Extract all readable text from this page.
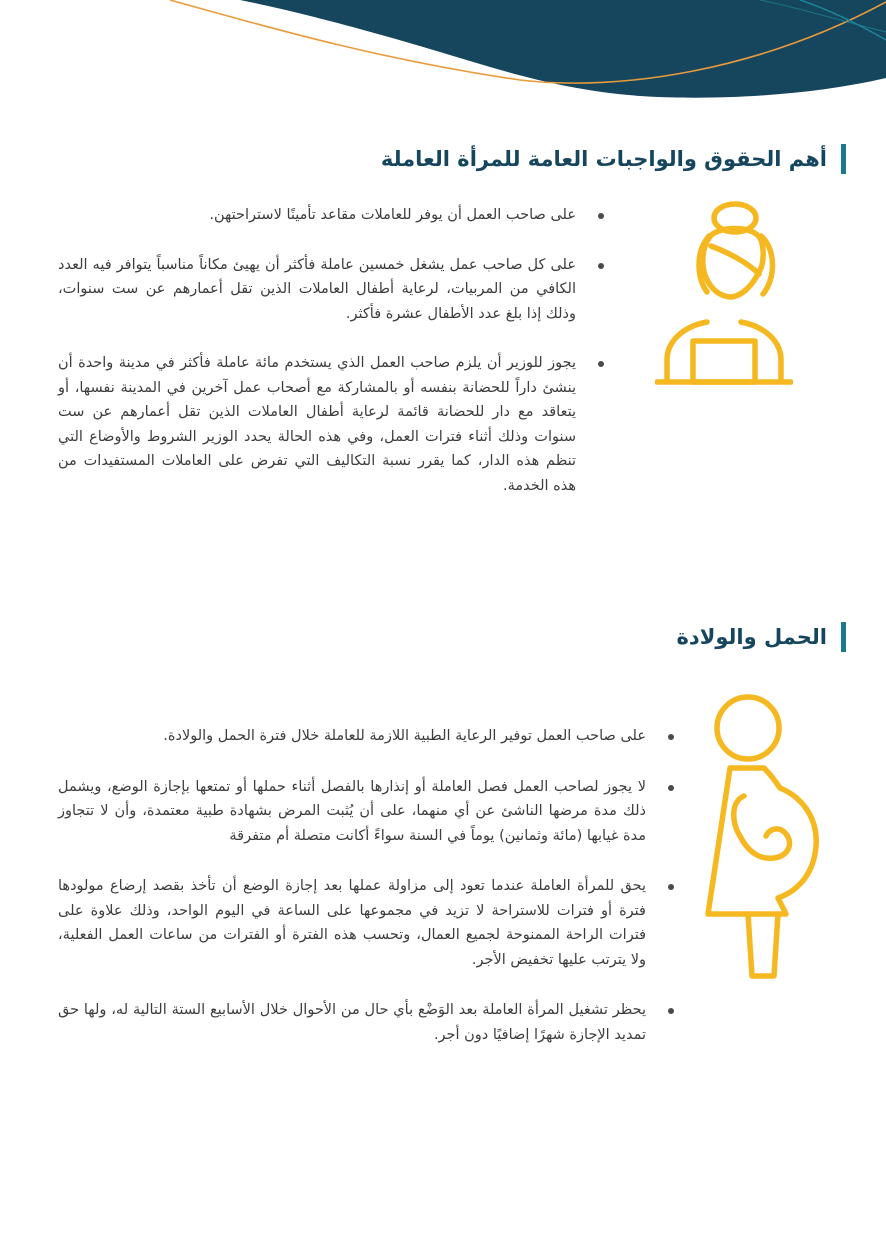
أهم الحقوق والواجبات العامة للمرأة العاملة
على صاحب العمل أن يوفر للعاملات مقاعد تأمينًا لاستراحتهن.
على كل صاحب عمل يشغل خمسين عاملة فأكثر أن يهيئ مكاناً مناسباً يتوافر فيه العدد الكافي من المربيات، لرعاية أطفال العاملات الذين تقل أعمارهم عن ست سنوات، وذلك إذا بلغ عدد الأطفال عشرة فأكثر.
يجوز للوزير أن يلزم صاحب العمل الذي يستخدم مائة عاملة فأكثر في مدينة واحدة أن ينشئ داراً للحضانة بنفسه أو بالمشاركة مع أصحاب عمل آخرين في المدينة نفسها، أو يتعاقد مع دار للحضانة قائمة لرعاية أطفال العاملات الذين تقل أعمارهم عن ست سنوات وذلك أثناء فترات العمل، وفي هذه الحالة يحدد الوزير الشروط والأوضاع التي تنظم هذه الدار، كما يقرر نسبة التكاليف التي تفرض على العاملات المستفيدات من هذه الخدمة.
الحمل والولادة
على صاحب العمل توفير الرعاية الطبية اللازمة للعاملة خلال فترة الحمل والولادة.
لا يجوز لصاحب العمل فصل العاملة أو إنذارها بالفصل أثناء حملها أو تمتعها بإجازة الوضع، ويشمل ذلك مدة مرضها الناشئ عن أي منهما، على أن يُثبت المرض بشهادة طبية معتمدة، وأن لا تتجاوز مدة غيابها (مائة وثمانين) يوماً في السنة سواءً أكانت متصلة أم متفرقة
يحق للمرأة العاملة عندما تعود إلى مزاولة عملها بعد إجازة الوضع أن تأخذ بقصد إرضاع مولودها فترة أو فترات للاستراحة لا تزيد في مجموعها على الساعة في اليوم الواحد، وذلك علاوة على فترات الراحة الممنوحة لجميع العمال، وتحسب هذه الفترة أو الفترات من ساعات العمل الفعلية، ولا يترتب عليها تخفيض الأجر.
يحظر تشغيل المرأة العاملة بعد الوَضْع بأي حال من الأحوال خلال الأسابيع الستة التالية له، ولها حق تمديد الإجازة شهرًا إضافيًا دون أجر.
